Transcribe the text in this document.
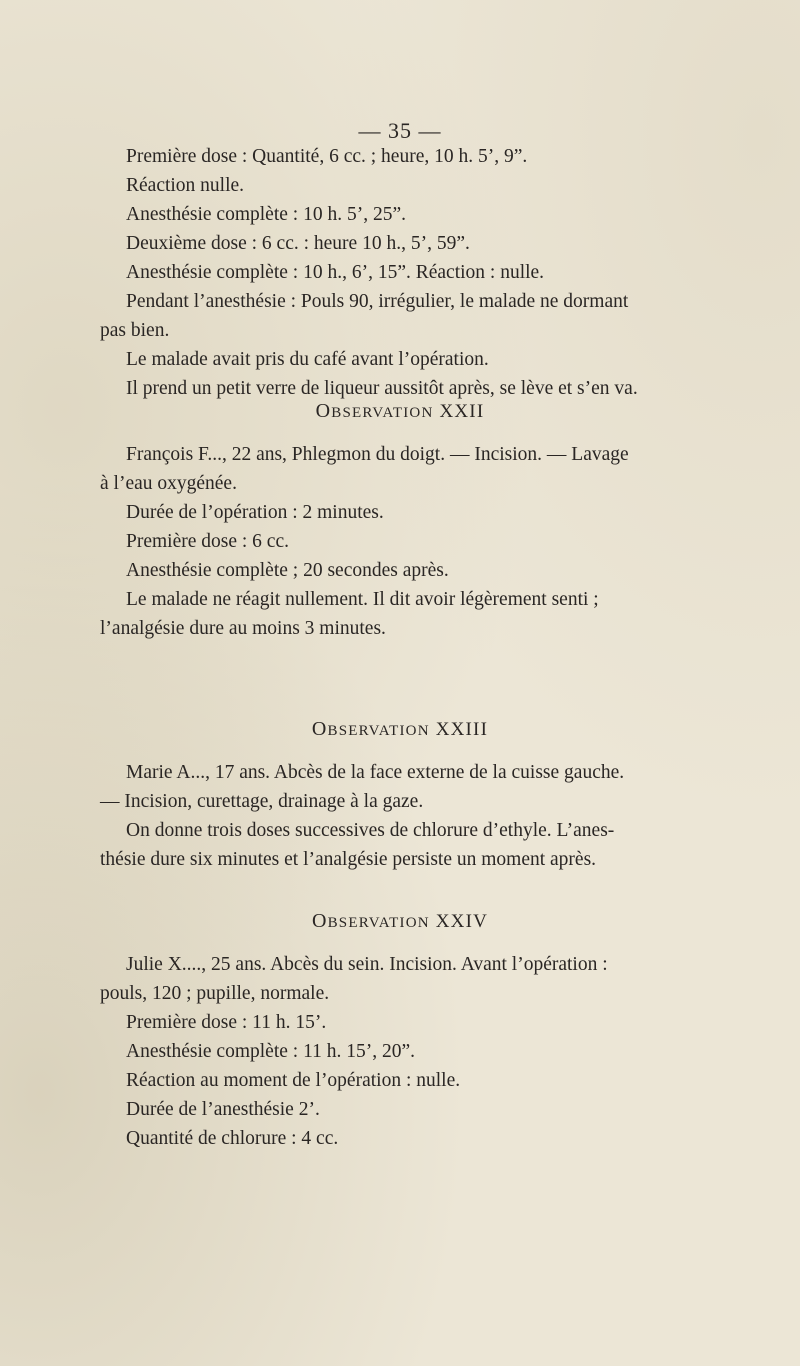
— 35 —
Première dose : Quantité, 6 cc. ; heure, 10 h. 5’, 9”.
Réaction nulle.
Anesthésie complète : 10 h. 5’, 25”.
Deuxième dose : 6 cc. : heure 10 h., 5’, 59”.
Anesthésie complète : 10 h., 6’, 15”. Réaction : nulle.
Pendant l’anesthésie : Pouls 90, irrégulier, le malade ne dormant
pas bien.
Le malade avait pris du café avant l’opération.
Il prend un petit verre de liqueur aussitôt après, se lève et s’en va.
OBSERVATION XXII
François F..., 22 ans, Phlegmon du doigt. — Incision. — Lavage
à l’eau oxygénée.
Durée de l’opération : 2 minutes.
Première dose : 6 cc.
Anesthésie complète ; 20 secondes après.
Le malade ne réagit nullement. Il dit avoir légèrement senti ;
l’analgésie dure au moins 3 minutes.
OBSERVATION XXIII
Marie A..., 17 ans. Abcès de la face externe de la cuisse gauche.
— Incision, curettage, drainage à la gaze.
On donne trois doses successives de chlorure d’ethyle. L’anes-
thésie dure six minutes et l’analgésie persiste un moment après.
OBSERVATION XXIV
Julie X...., 25 ans. Abcès du sein. Incision. Avant l’opération :
pouls, 120 ; pupille, normale.
Première dose : 11 h. 15’.
Anesthésie complète : 11 h. 15’, 20”.
Réaction au moment de l’opération : nulle.
Durée de l’anesthésie 2’.
Quantité de chlorure : 4 cc.
